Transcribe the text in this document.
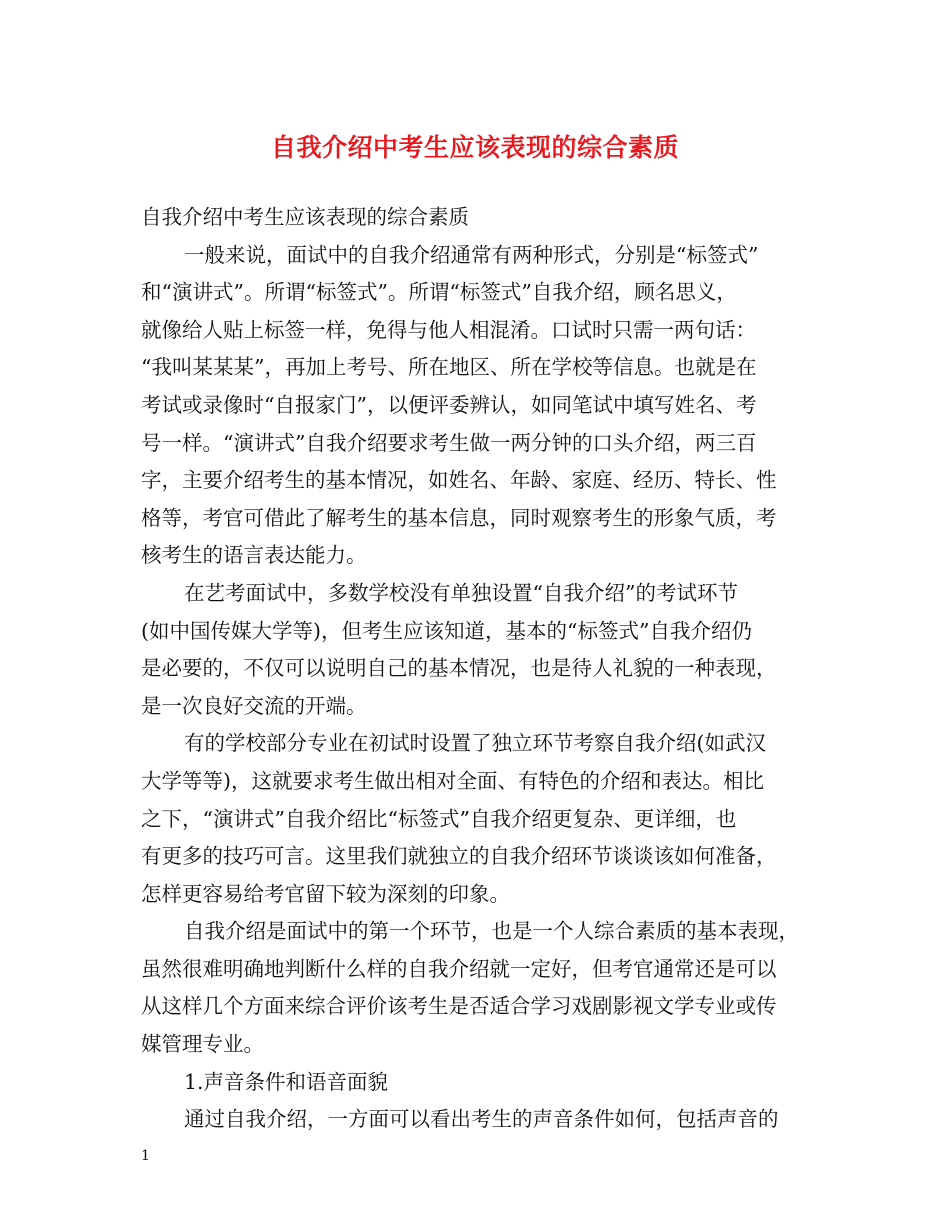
自我介绍中考生应该表现的综合素质
自我介绍中考生应该表现的综合素质
一般来说，面试中的自我介绍通常有两种形式，分别是“标签式”
和“演讲式”。所谓“标签式”。所谓“标签式”自我介绍，顾名思义，
就像给人贴上标签一样，免得与他人相混淆。口试时只需一两句话：
“我叫某某某”，再加上考号、所在地区、所在学校等信息。也就是在
考试或录像时“自报家门”，以便评委辨认，如同笔试中填写姓名、考
号一样。“演讲式”自我介绍要求考生做一两分钟的口头介绍，两三百
字，主要介绍考生的基本情况，如姓名、年龄、家庭、经历、特长、性
格等，考官可借此了解考生的基本信息，同时观察考生的形象气质，考
核考生的语言表达能力。
在艺考面试中，多数学校没有单独设置“自我介绍”的考试环节
(如中国传媒大学等)，但考生应该知道，基本的“标签式”自我介绍仍
是必要的，不仅可以说明自己的基本情况，也是待人礼貌的一种表现，
是一次良好交流的开端。
有的学校部分专业在初试时设置了独立环节考察自我介绍(如武汉
大学等等)，这就要求考生做出相对全面、有特色的介绍和表达。相比
之下，“演讲式”自我介绍比“标签式”自我介绍更复杂、更详细，也
有更多的技巧可言。这里我们就独立的自我介绍环节谈谈该如何准备，
怎样更容易给考官留下较为深刻的印象。
自我介绍是面试中的第一个环节，也是一个人综合素质的基本表现，
虽然很难明确地判断什么样的自我介绍就一定好，但考官通常还是可以
从这样几个方面来综合评价该考生是否适合学习戏剧影视文学专业或传
媒管理专业。
1.声音条件和语音面貌
通过自我介绍，一方面可以看出考生的声音条件如何，包括声音的
1
